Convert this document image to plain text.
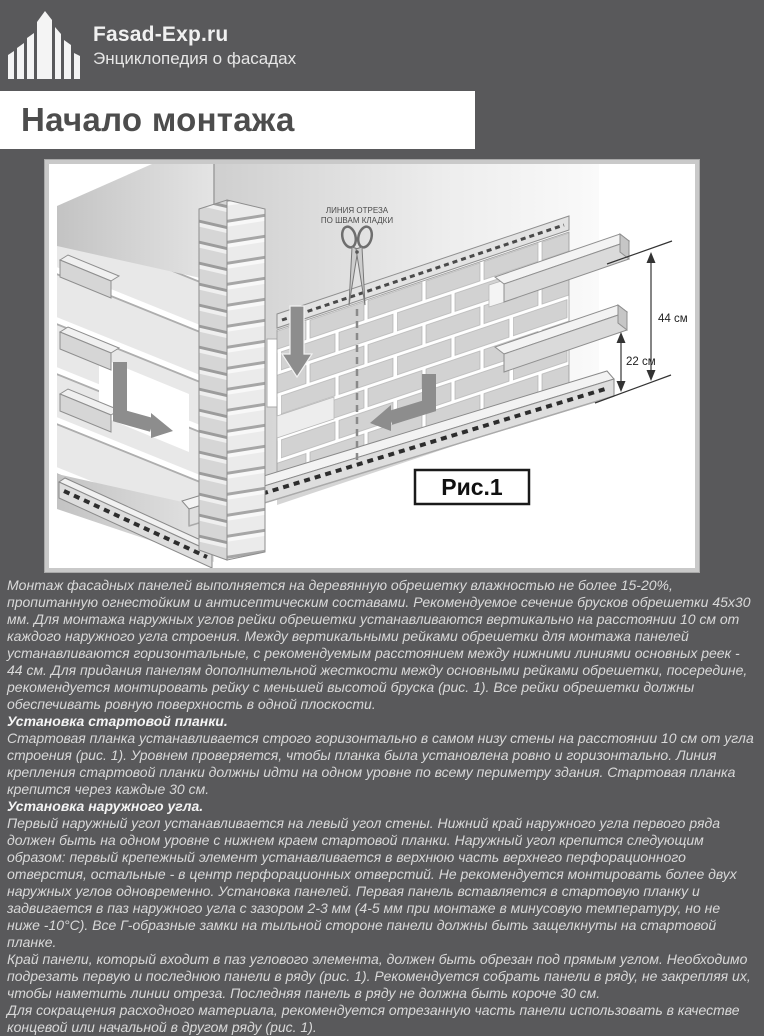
Fasad-Exp.ru
Энциклопедия о фасадах
Начало монтажа
ЛИНИЯ ОТРЕЗА
ПО ШВАМ КЛАДКИ
44 см
22 см
Рис.1

Монтаж фасадных панелей выполняется на деревянную обрешетку влажностью не более 15-20%, пропитанную огнестойким и антисептическим составами. Рекомендуемое сечение брусков обрешетки 45х30 мм. Для монтажа наружных углов рейки обрешетки устанавливаются вертикально на расстоянии 10 см от каждого наружного угла строения. Между вертикальными рейками обрешетки для монтажа панелей устанавливаются горизонтальные, с рекомендуемым расстоянием между нижними линиями основных реек - 44 см. Для придания панелям дополнительной жесткости между основными рейками обрешетки, посередине, рекомендуется монтировать рейку с меньшей высотой бруска (рис. 1). Все рейки обрешетки должны обеспечивать ровную поверхность в одной плоскости.

Установка стартовой планки.

Стартовая планка устанавливается строго горизонтально в самом низу стены на расстоянии 10 см от угла строения (рис. 1). Уровнем проверяется, чтобы планка была установлена ровно и горизонтально. Линия крепления стартовой планки должны идти на одном уровне по всему периметру здания. Стартовая планка крепится через каждые 30 см.

Установка наружного угла.

Первый наружный угол устанавливается на левый угол стены. Нижний край наружного угла первого ряда должен быть на одном уровне с нижнем краем стартовой планки. Наружный угол крепится следующим образом: первый крепежный элемент устанавливается в верхнюю часть верхнего перфорационного отверстия, остальные - в центр перфорационных отверстий. Не рекомендуется монтировать более двух наружных углов одновременно. Установка панелей. Первая панель вставляется в стартовую планку и задвигается в паз наружного угла с зазором 2-3 мм (4-5 мм при монтаже в минусовую температуру, но не ниже -10°С). Все Г-образные замки на тыльной стороне панели должны быть защелкнуты на стартовой планке.

Край панели, который входит в паз углового элемента, должен быть обрезан под прямым углом. Необходимо подрезать первую и последнюю панели в ряду (рис. 1). Рекомендуется собрать панели в ряду, не закрепляя их, чтобы наметить линии отреза. Последняя панель в ряду не должна быть короче 30 см.

Для сокращения расходного материала, рекомендуется отрезанную часть панели использовать в качестве концевой или начальной в другом ряду (рис. 1).
